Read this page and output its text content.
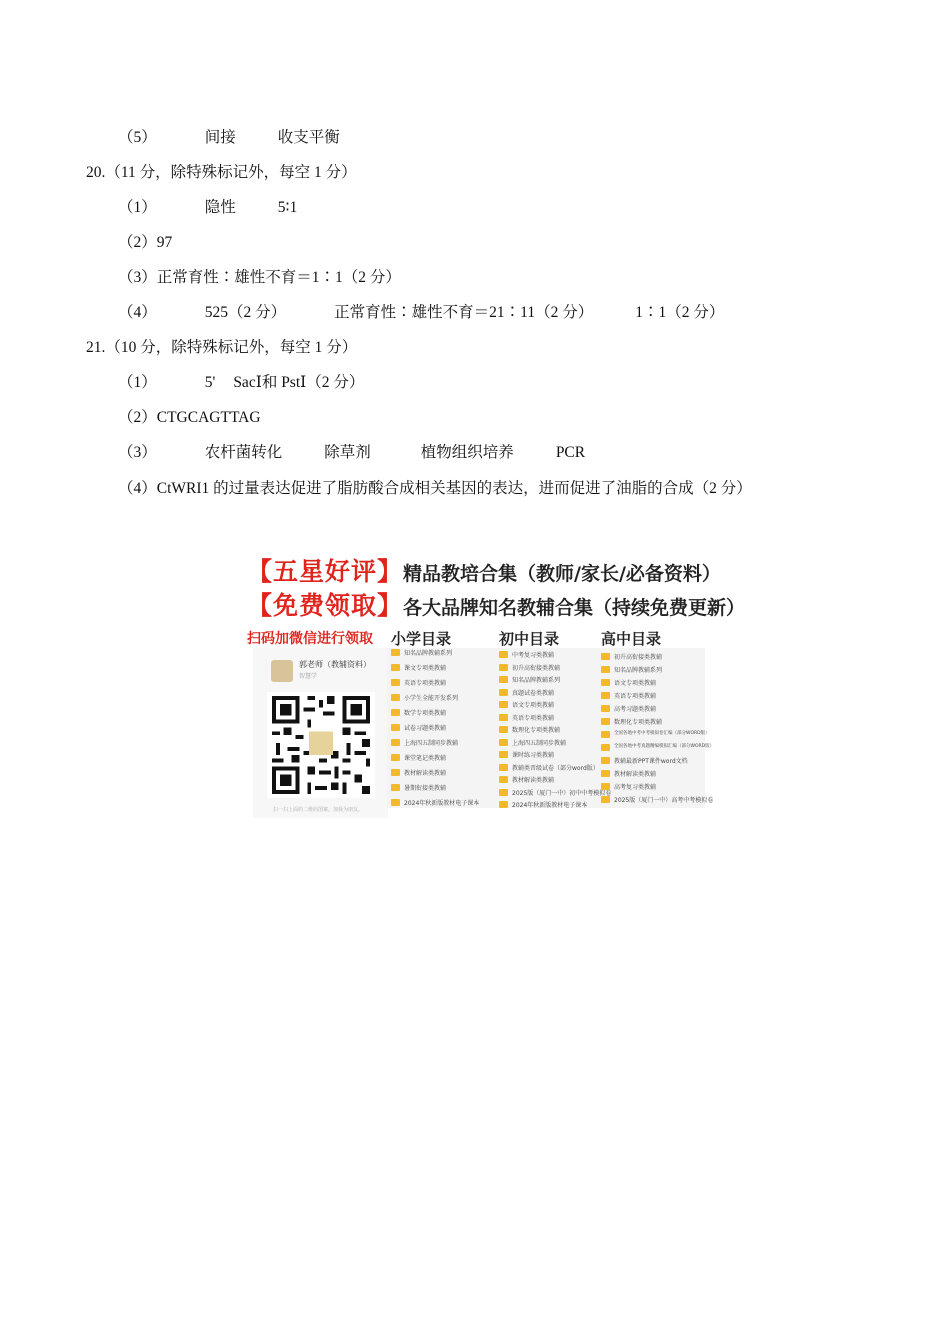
（5）	间接	收支平衡
20.（11 分，除特殊标记外，每空 1 分）
（1）	隐性	5∶1
（2）97
（3）正常育性∶雄性不育＝1∶1（2 分）
（4）	525（2 分）	正常育性∶雄性不育＝21∶11（2 分）	1∶1（2 分）
21.（10 分，除特殊标记外，每空 1 分）
（1）	5' SacⅠ和 PstⅠ（2 分）
（2）CTGCAGTTAG
（3）	农杆菌转化	除草剂	植物组织培养	PCR
（4）CtWRI1 的过量表达促进了脂肪酸合成相关基因的表达，进而促进了油脂的合成（2 分）
【五星好评】精品教培合集（教师/家长/必备资料）
【免费领取】各大品牌知名教辅合集（持续免费更新）
扫码加微信进行领取 小学目录	初中目录	高中目录
郭老师（教辅资料）
智慧学
扫一扫上面的二维码图案，加我为朋友。
知名品牌教辅系列
课文专项类教辅
英语专项类教辅
小学生全能开发系列
数学专项类教辅
试卷习题类教辅
上海四五制同步教辅
课堂笔记类教辅
教材解读类教辅
暑期衔接类教辅
2024年秋新版教材电子课本
中考复习类教辅
初升高衔接类教辅
知名品牌教辅系列
真题试卷类教辅
语文专项类教辅
英语专项类教辅
数理化专项类教辅
上海四五制同步教辅
课时练习类教辅
教辅类晋级试卷（部分word版）
教材解读类教辅
2025版（厦门一中）初中中考模拟卷
2024年秋新版教材电子课本
初升高衔接类教辅
知名品牌教辅系列
语文专项类教辅
英语专项类教辅
高考习题类教辅
数理化专项类教辅
全国各地中考中考模拟卷汇编（部分WORD版）
全国各地中考真题精编模拟汇编（部分WORD版）
教辅最新PPT课件word文档
教材解读类教辅
高考复习类教辅
2025版（厦门一中）高考中考模拟卷
